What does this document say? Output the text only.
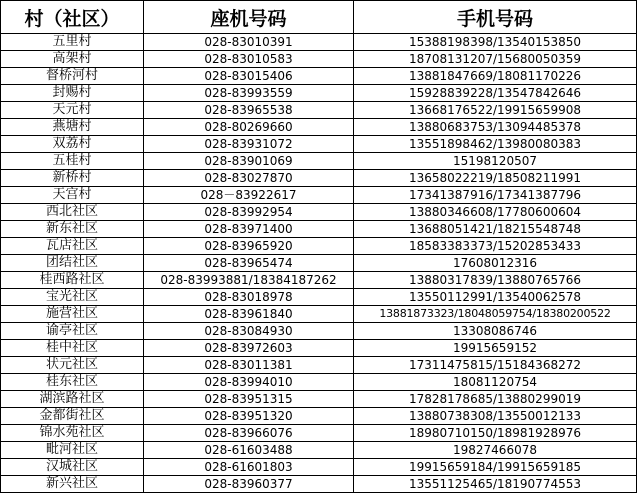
村（社区）	座机号码	手机号码
五里村	028-83010391	15388198398/13540153850
高架村	028-83010583	18708131207/15680050359
督桥河村	028-83015406	13881847669/18081170226
封赐村	028-83993559	15928839228/13547842646
天元村	028-83965538	13668176522/19915659908
燕塘村	028-80269660	13880683753/13094485378
双荔村	028-83931072	13551898462/13980080383
五桂村	028-83901069	15198120507
新桥村	028-83027870	13658022219/18508211991
天宫村	028－83922617	17341387916/17341387796
西北社区	028-83992954	13880346608/17780600604
新东社区	028-83971400	13688051421/18215548748
瓦店社区	028-83965920	18583383373/15202853433
团结社区	028-83965474	17608012316
桂西路社区	028-83993881/18384187262	13880317839/13880765766
宝光社区	028-83018978	13550112991/13540062578
施营社区	028-83961840	13881873323/18048059754/18380200522
谕亭社区	028-83084930	13308086746
桂中社区	028-83972603	19915659152
状元社区	028-83011381	17311475815/15184368272
桂东社区	028-83994010	18081120754
湖滨路社区	028-83951315	17828178685/13880299019
金都街社区	028-83951320	13880738308/13550012133
锦水苑社区	028-83966076	18980710150/18981928976
毗河社区	028-61603488	19827466078
汉城社区	028-61601803	19915659184/19915659185
新兴社区	028-83960377	13551125465/18190774553
